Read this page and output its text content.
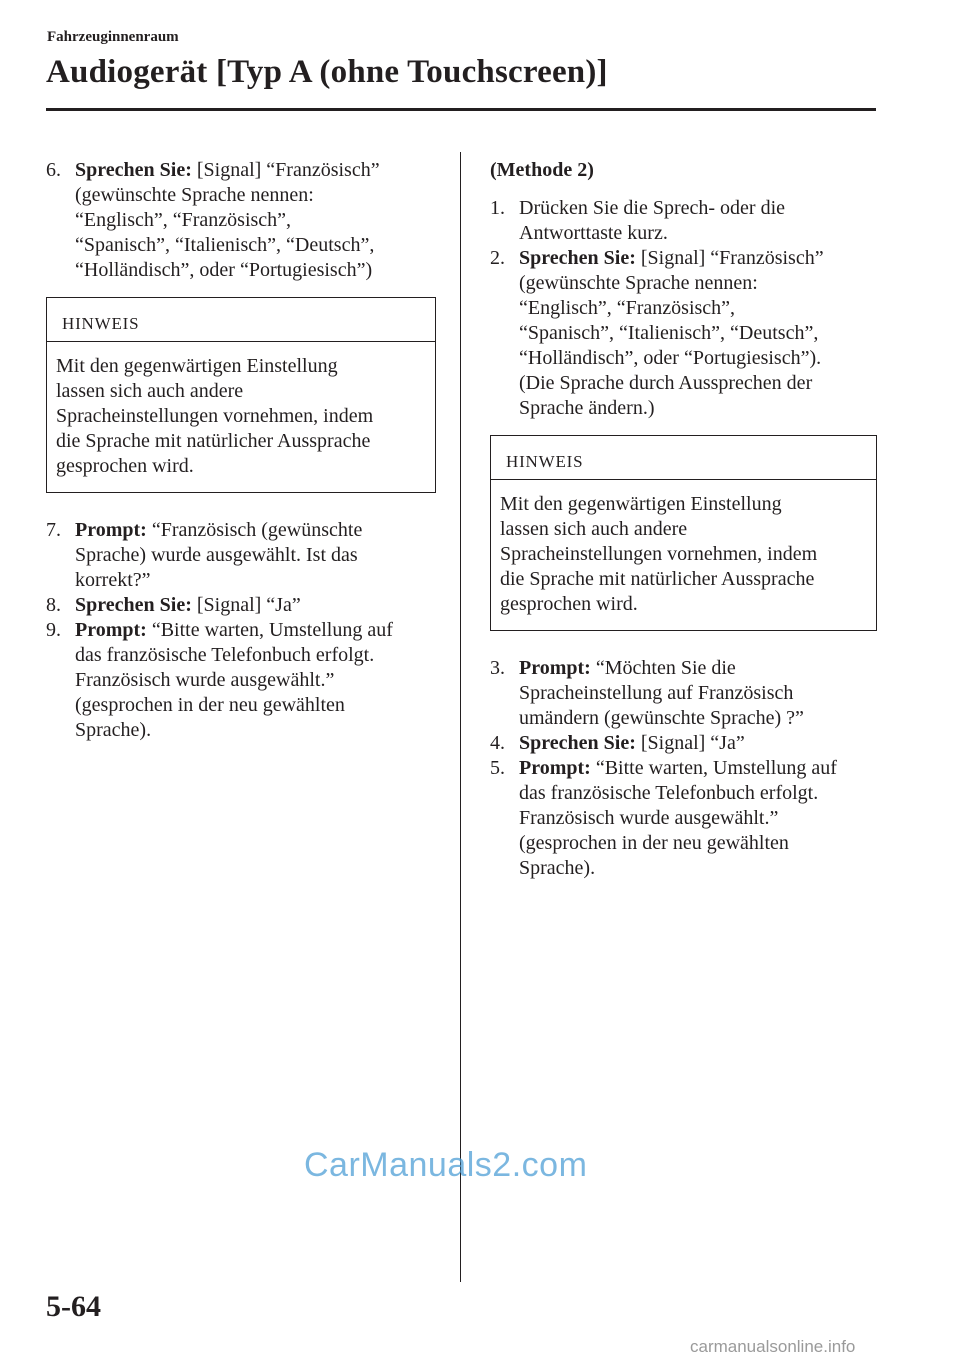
Fahrzeuginnenraum
Audiogerät [Typ A (ohne Touchscreen)]
6. Sprechen Sie: [Signal] “Französisch”
(gewünschte Sprache nennen:
“Englisch”, “Französisch”,
“Spanisch”, “Italienisch”, “Deutsch”,
“Holländisch”, oder “Portugiesisch”)
HINWEIS
Mit den gegenwärtigen Einstellung
lassen sich auch andere
Spracheinstellungen vornehmen, indem
die Sprache mit natürlicher Aussprache
gesprochen wird.
7. Prompt: “Französisch (gewünschte
Sprache) wurde ausgewählt. Ist das
korrekt?”
8. Sprechen Sie: [Signal] “Ja”
9. Prompt: “Bitte warten, Umstellung auf
das französische Telefonbuch erfolgt.
Französisch wurde ausgewählt.”
(gesprochen in der neu gewählten
Sprache).
(Methode 2)
1. Drücken Sie die Sprech- oder die
Antworttaste kurz.
2. Sprechen Sie: [Signal] “Französisch”
(gewünschte Sprache nennen:
“Englisch”, “Französisch”,
“Spanisch”, “Italienisch”, “Deutsch”,
“Holländisch”, oder “Portugiesisch”).
(Die Sprache durch Aussprechen der
Sprache ändern.)
HINWEIS
Mit den gegenwärtigen Einstellung
lassen sich auch andere
Spracheinstellungen vornehmen, indem
die Sprache mit natürlicher Aussprache
gesprochen wird.
3. Prompt: “Möchten Sie die
Spracheinstellung auf Französisch
umändern (gewünschte Sprache) ?”
4. Sprechen Sie: [Signal] “Ja”
5. Prompt: “Bitte warten, Umstellung auf
das französische Telefonbuch erfolgt.
Französisch wurde ausgewählt.”
(gesprochen in der neu gewählten
Sprache).
CarManuals2.com
5-64
carmanualsonline.info
